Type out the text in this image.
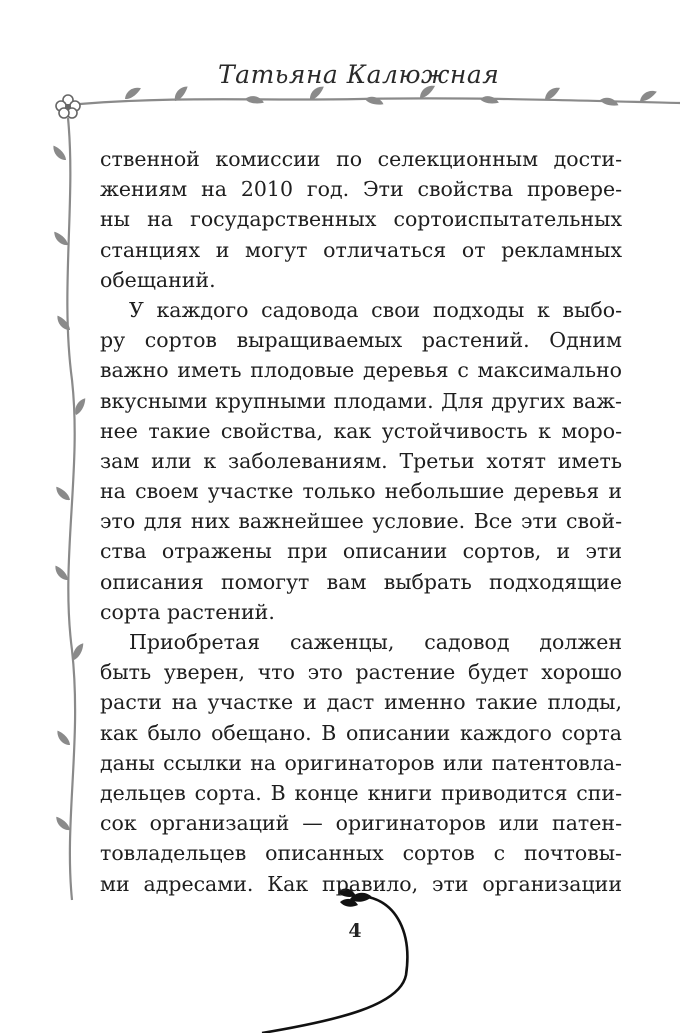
Татьяна Калюжная
ственной комиссии по селекционным дости-
жениям на 2010 год. Эти свойства провере-
ны на государственных сортоиспытательных
станциях и могут отличаться от рекламных
обещаний.
У каждого садовода свои подходы к выбо-
ру сортов выращиваемых растений. Одним
важно иметь плодовые деревья с максимально
вкусными крупными плодами. Для других важ-
нее такие свойства, как устойчивость к моро-
зам или к заболеваниям. Третьи хотят иметь
на своем участке только небольшие деревья и
это для них важнейшее условие. Все эти свой-
ства отражены при описании сортов, и эти
описания помогут вам выбрать подходящие
сорта растений.
Приобретая саженцы, садовод должен
быть уверен, что это растение будет хорошо
расти на участке и даст именно такие плоды,
как было обещано. В описании каждого сорта
даны ссылки на оригинаторов или патентовла-
дельцев сорта. В конце книги приводится спи-
сок организаций — оригинаторов или патен-
товладельцев описанных сортов с почтовы-
ми адресами. Как правило, эти организации
4
